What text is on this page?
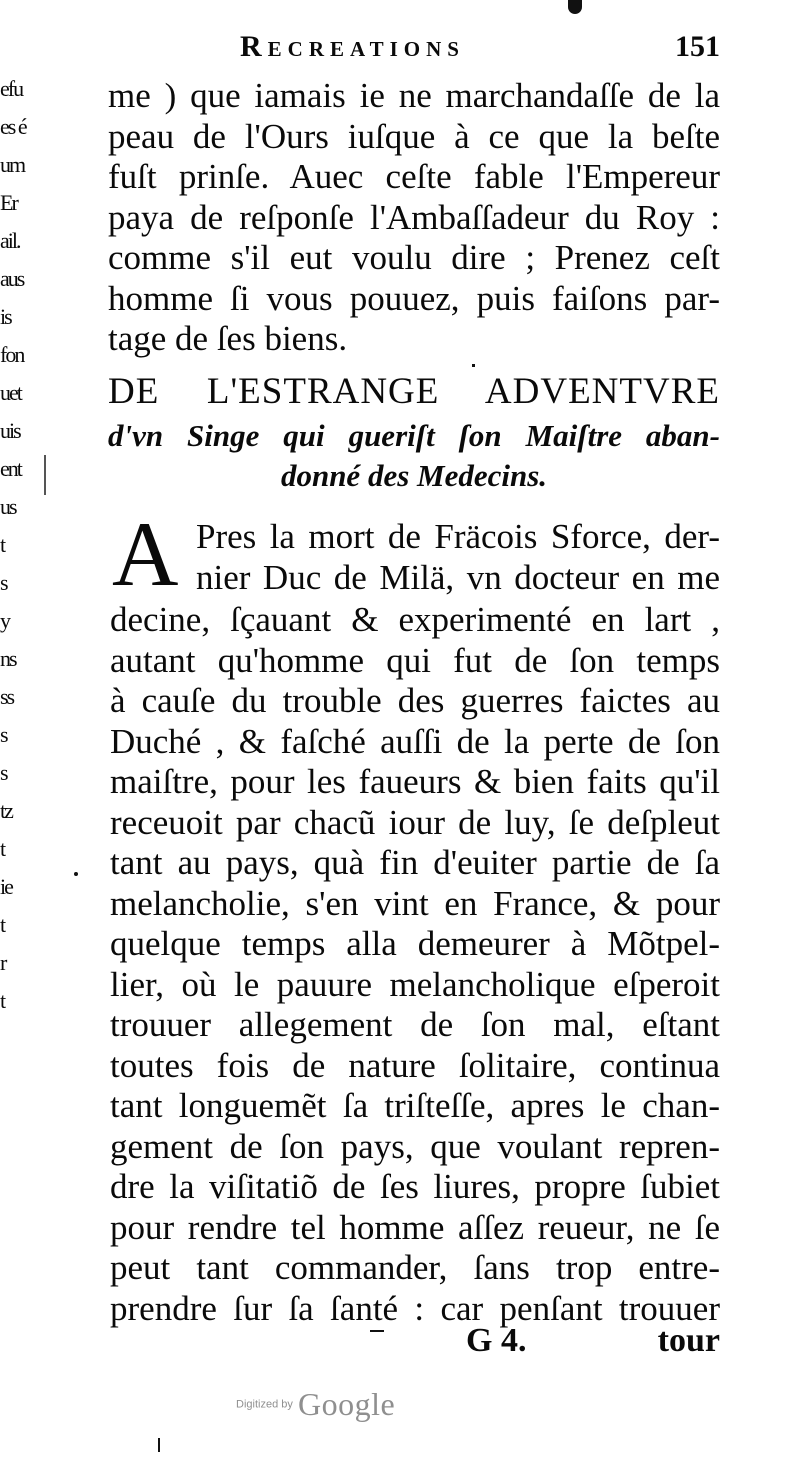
efu
es é
um
Er
ail.
aus
is
fon
uet
uis
ent
us
t
s
y
ns
ss
s
s
tz
t
ie
t
r
t
Recreations	151
me ) que iamais ie ne marchandaſſe de la
peau de l'Ours iuſque à ce que la beſte
fuſt prinſe. Auec ceſte fable l'Empereur
paya de reſponſe l'Ambaſſadeur du Roy :
comme s'il eut voulu dire ; Prenez ceſt
homme ſi vous pouuez, puis faiſons par-
tage de ſes biens.
DE L'ESTRANGE ADVENTVRE
d'vn Singe qui gueriſt ſon Maiſtre aban-
donné des Medecins.
A Pres la mort de Fräcois Sforce, der-
nier Duc de Milä, vn docteur en me
decine, ſçauant & experimenté en lart ,
autant qu'homme qui fut de ſon temps
à cauſe du trouble des guerres faictes au
Duché , & faſché auſſi de la perte de ſon
maiſtre, pour les faueurs & bien faits qu'il
receuoit par chacũ iour de luy, ſe deſpleut
tant au pays, quà fin d'euiter partie de ſa
melancholie, s'en vint en France, & pour
quelque temps alla demeurer à Mõtpel-
lier, où le pauure melancholique eſperoit
trouuer allegement de ſon mal, eſtant
toutes fois de nature ſolitaire, continua
tant longuemẽt ſa triſteſſe, apres le chan-
gement de ſon pays, que voulant repren-
dre la viſitatiõ de ſes liures, propre ſubiet
pour rendre tel homme aſſez reueur, ne ſe
peut tant commander, ſans trop entre-
prendre ſur ſa ſanté : car penſant trouuer
G 4.	tour
Digitized by Google
